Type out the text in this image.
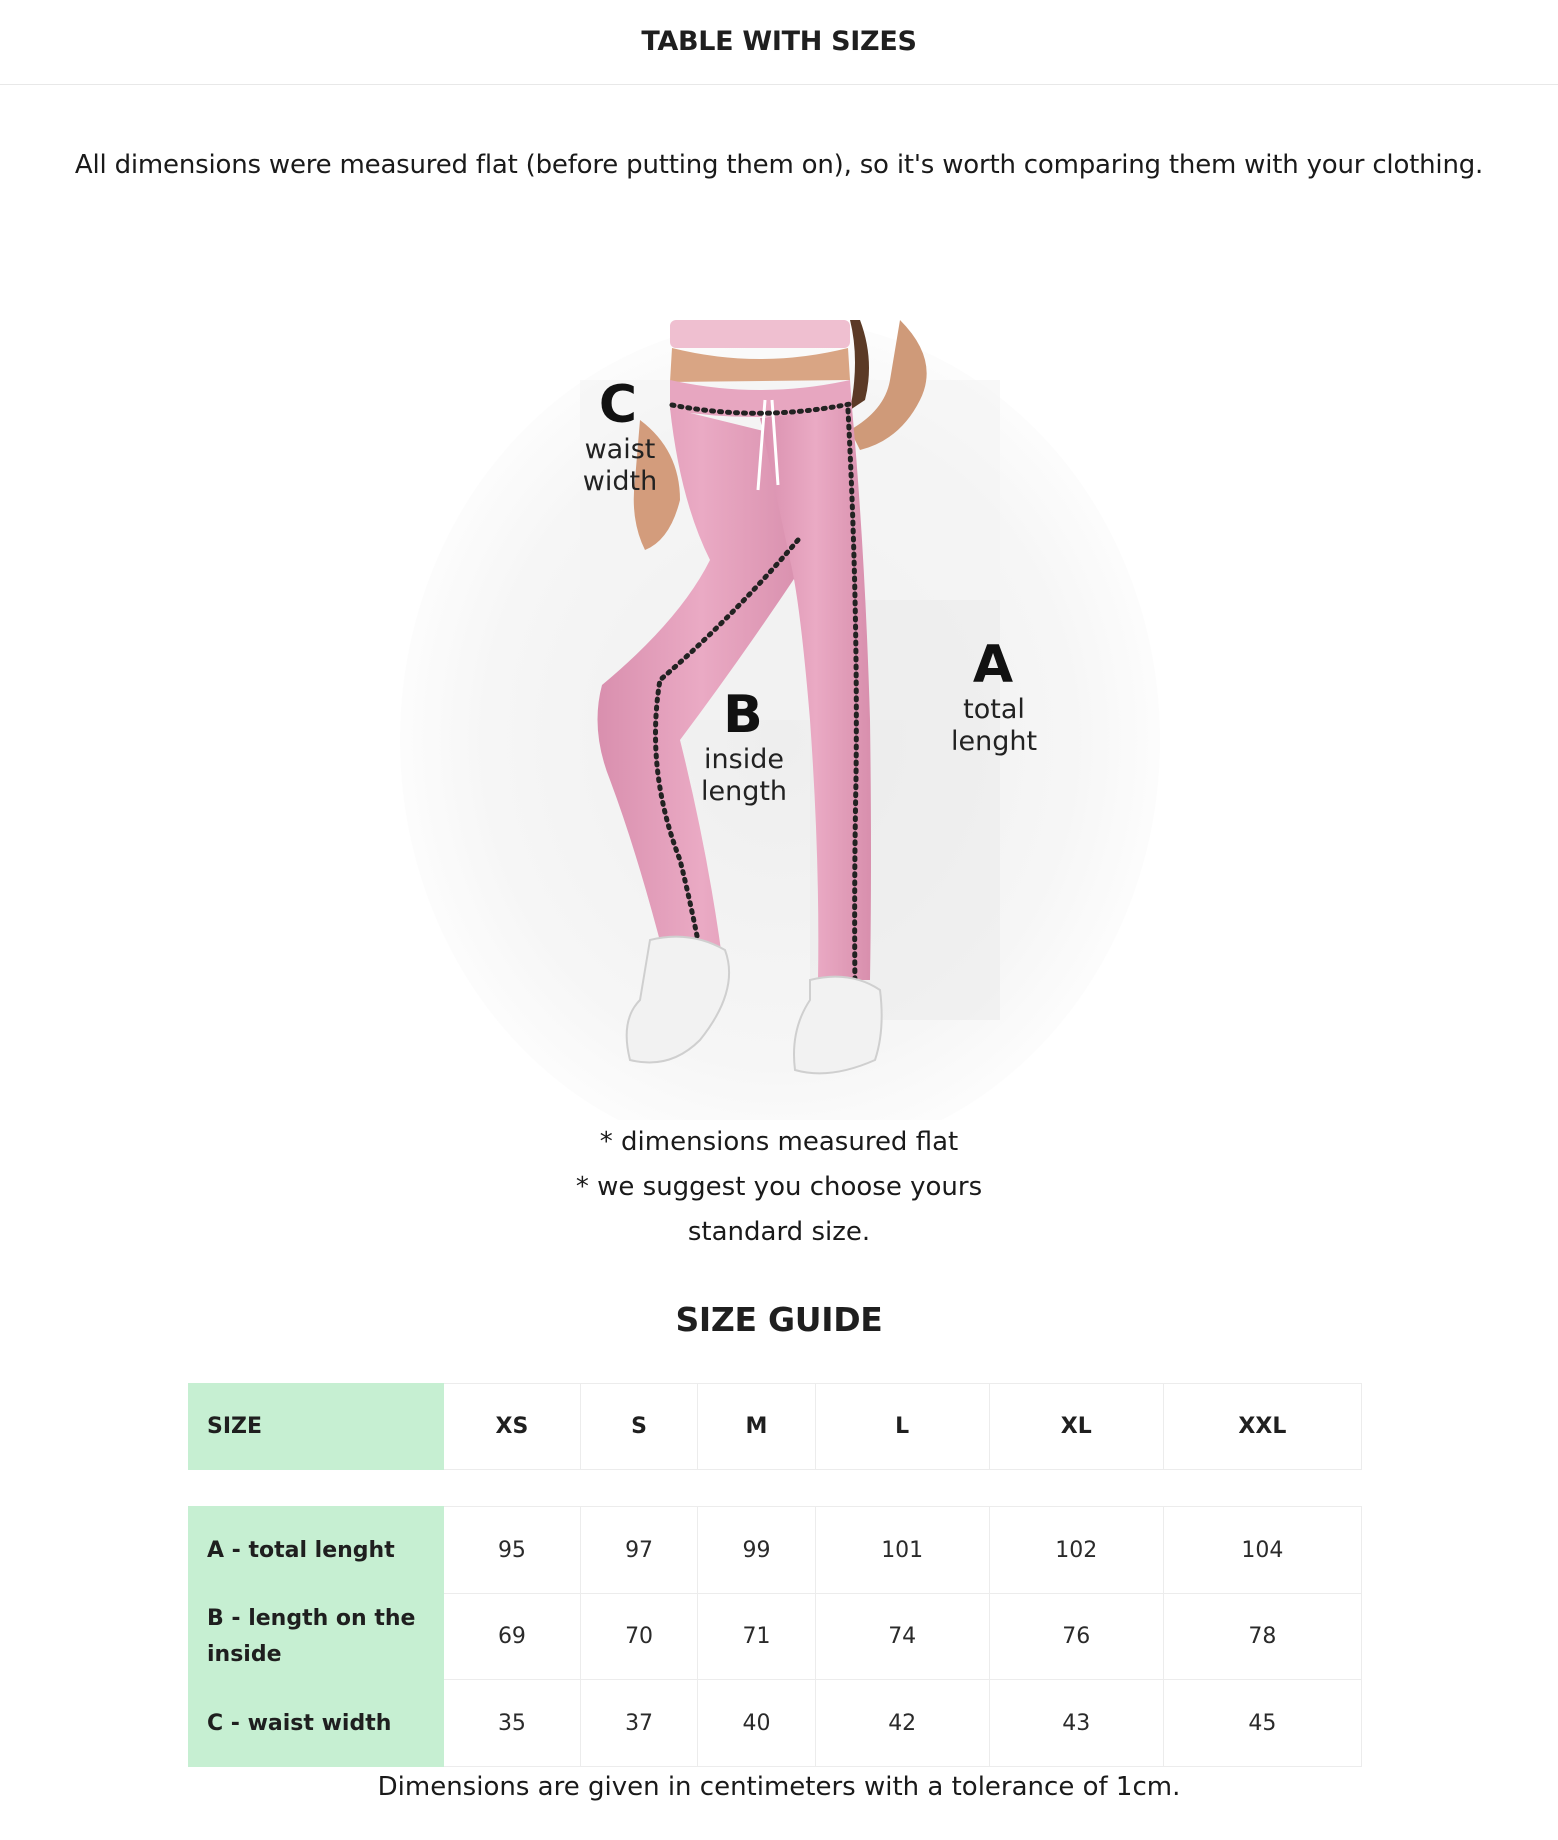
TABLE WITH SIZES

All dimensions were measured flat (before putting them on), so it's worth comparing them with your clothing.

C
waist
width
B
inside
length
A
total
lenght
* dimensions measured flat
* we suggest you choose yours
standard size.
SIZE GUIDE
SIZE	XS	S	M	L	XL	XXL

A - total lenght	95	97	99	101	102	104
B - length on the
inside	69	70	71	74	76	78
C - waist width	35	37	40	42	43	45

Dimensions are given in centimeters with a tolerance of 1cm.
